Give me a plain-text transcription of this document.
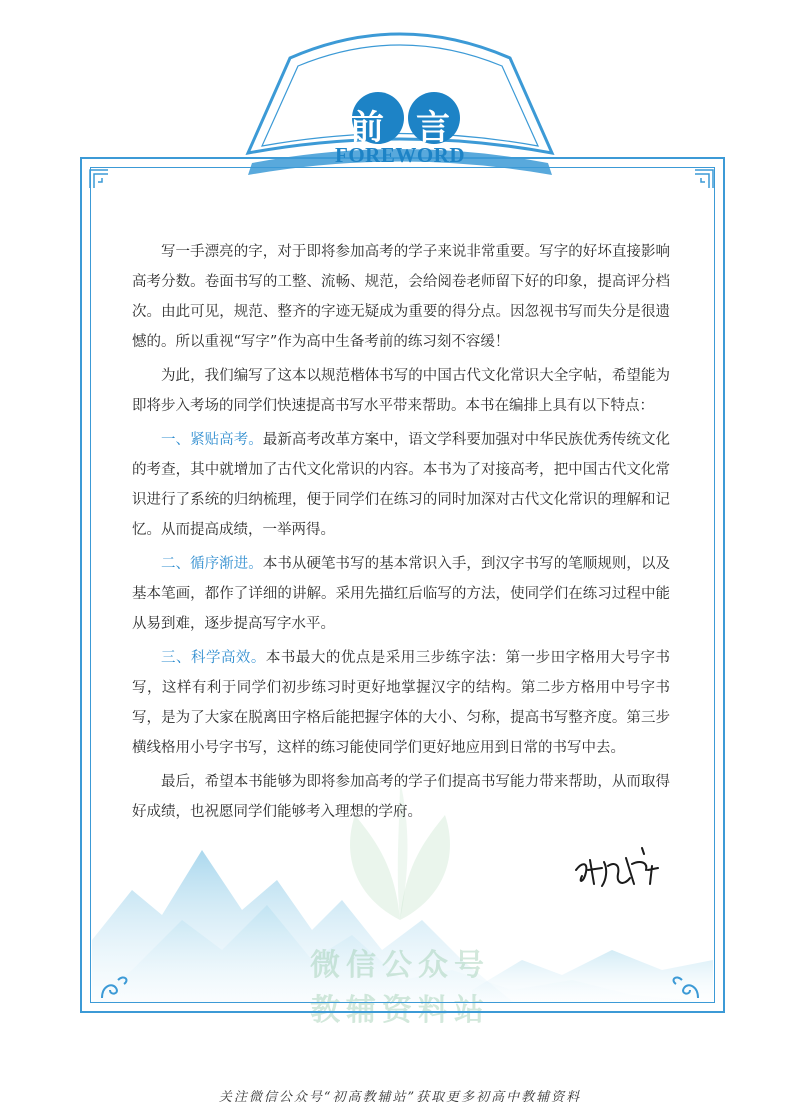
微信公众号
教辅资料站
前言
FOREWORD

写一手漂亮的字，对于即将参加高考的学子来说非常重要。写字的好坏直接影响高考分数。卷面书写的工整、流畅、规范，会给阅卷老师留下好的印象，提高评分档次。由此可见，规范、整齐的字迹无疑成为重要的得分点。因忽视书写而失分是很遗憾的。所以重视“写字”作为高中生备考前的练习刻不容缓！

为此，我们编写了这本以规范楷体书写的中国古代文化常识大全字帖，希望能为即将步入考场的同学们快速提高书写水平带来帮助。本书在编排上具有以下特点：

一、紧贴高考。最新高考改革方案中，语文学科要加强对中华民族优秀传统文化的考查，其中就增加了古代文化常识的内容。本书为了对接高考，把中国古代文化常识进行了系统的归纳梳理，便于同学们在练习的同时加深对古代文化常识的理解和记忆。从而提高成绩，一举两得。

二、循序渐进。本书从硬笔书写的基本常识入手，到汉字书写的笔顺规则，以及基本笔画，都作了详细的讲解。采用先描红后临写的方法，使同学们在练习过程中能从易到难，逐步提高写字水平。

三、科学高效。本书最大的优点是采用三步练字法：第一步田字格用大号字书写，这样有利于同学们初步练习时更好地掌握汉字的结构。第二步方格用中号字书写，是为了大家在脱离田字格后能把握字体的大小、匀称，提高书写整齐度。第三步横线格用小号字书写，这样的练习能使同学们更好地应用到日常的书写中去。

最后，希望本书能够为即将参加高考的学子们提高书写能力带来帮助，从而取得好成绩，也祝愿同学们能够考入理想的学府。

关注微信公众号“初高教辅站”获取更多初高中教辅资料
